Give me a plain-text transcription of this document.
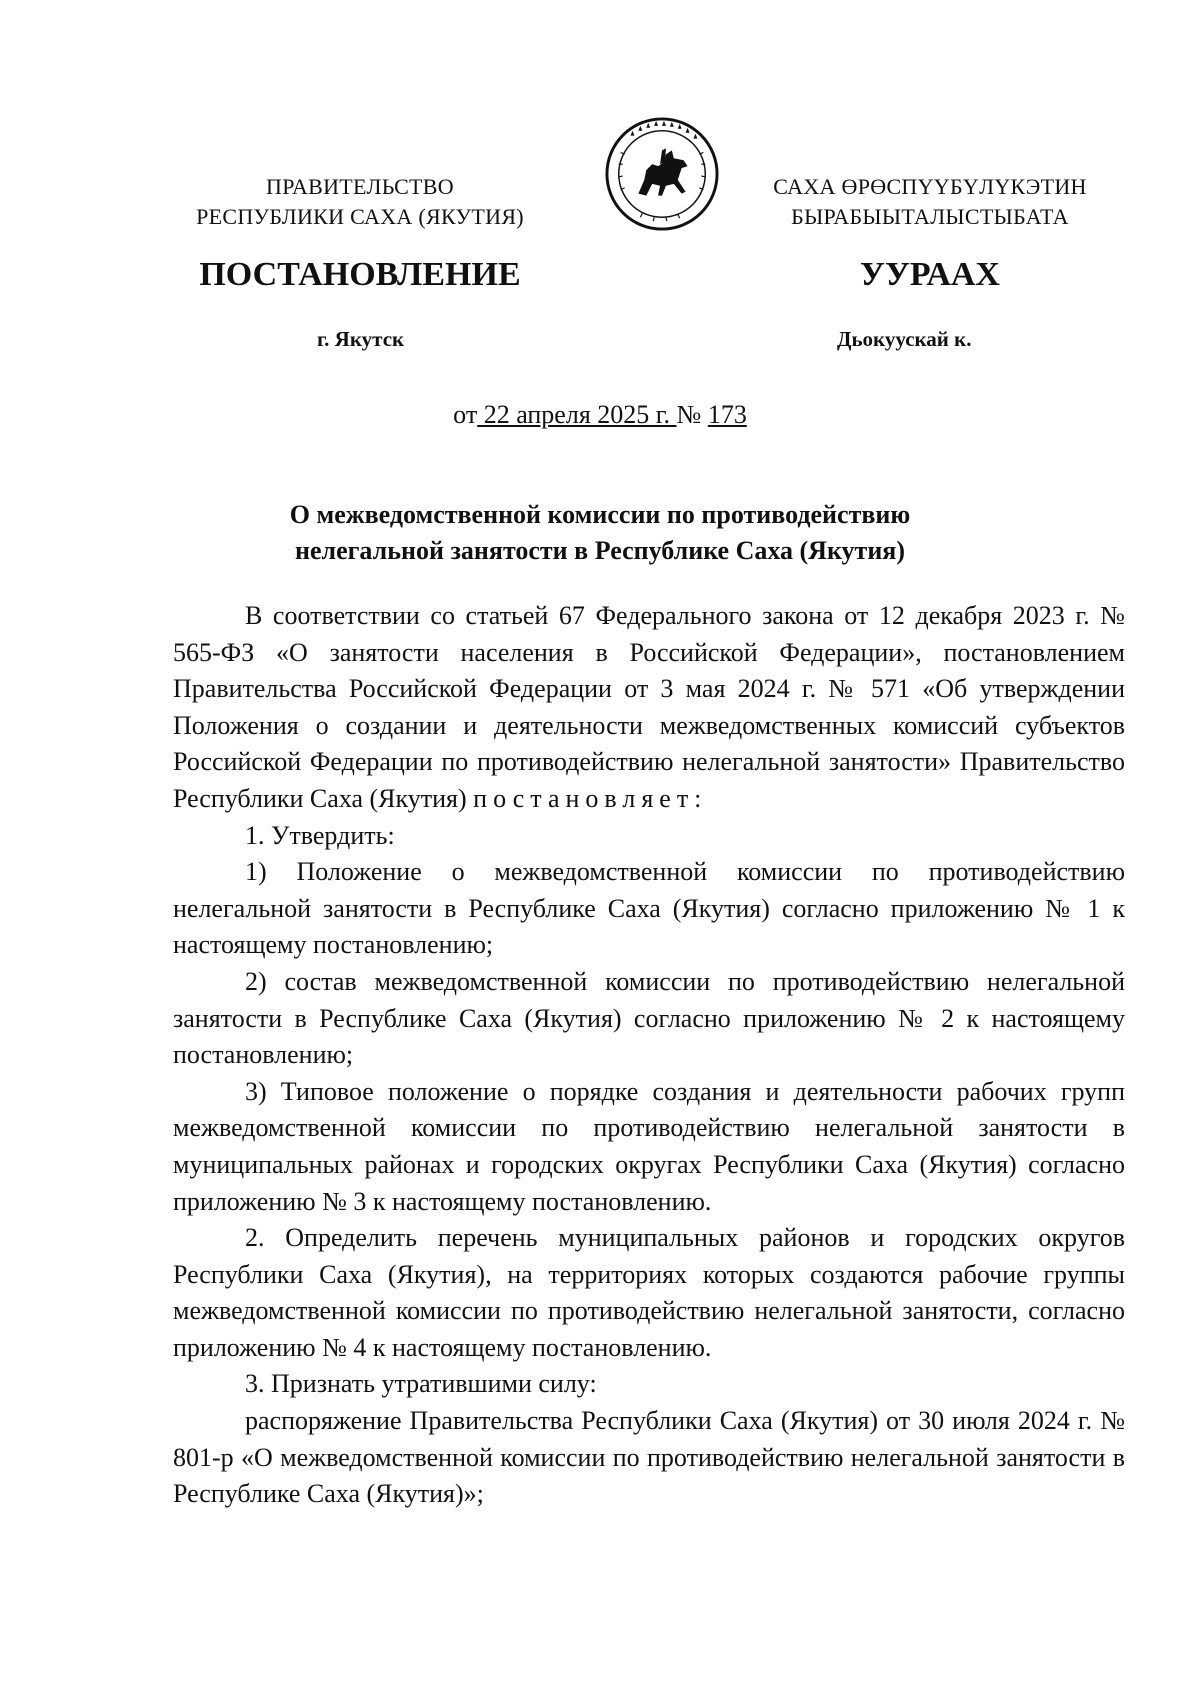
ПРАВИТЕЛЬСТВО
РЕСПУБЛИКИ САХА (ЯКУТИЯ)
САХА ӨРӨСПҮҮБҮЛҮКЭТИН
БЫРАБЫЫТАЛЫСТЫБАТА
ПОСТАНОВЛЕНИЕ	УУРААХ
г. Якутск	Дьокуускай к.
от 22 апреля 2025 г. № 173
О межведомственной комиссии по противодействию
нелегальной занятости в Республике Саха (Якутия)

В соответствии со статьей 67 Федерального закона от 12 декабря 2023 г. № 565-ФЗ «О занятости населения в Российской Федерации», постановлением Правительства Российской Федерации от 3 мая 2024 г. № 571 «Об утверждении Положения о создании и деятельности межведомственных комиссий субъектов Российской Федерации по противодействию нелегальной занятости» Правительство Республики Саха (Якутия) постановляет:

1. Утвердить:

1) Положение о межведомственной комиссии по противодействию нелегальной занятости в Республике Саха (Якутия) согласно приложению № 1 к настоящему постановлению;

2) состав межведомственной комиссии по противодействию нелегальной занятости в Республике Саха (Якутия) согласно приложению № 2 к настоящему постановлению;

3) Типовое положение о порядке создания и деятельности рабочих групп межведомственной комиссии по противодействию нелегальной занятости в муниципальных районах и городских округах Республики Саха (Якутия) согласно приложению № 3 к настоящему постановлению.

2. Определить перечень муниципальных районов и городских округов Республики Саха (Якутия), на территориях которых создаются рабочие группы межведомственной комиссии по противодействию нелегальной занятости, согласно приложению № 4 к настоящему постановлению.

3. Признать утратившими силу:

распоряжение Правительства Республики Саха (Якутия) от 30 июля 2024 г. № 801-р «О межведомственной комиссии по противодействию нелегальной занятости в Республике Саха (Якутия)»;
